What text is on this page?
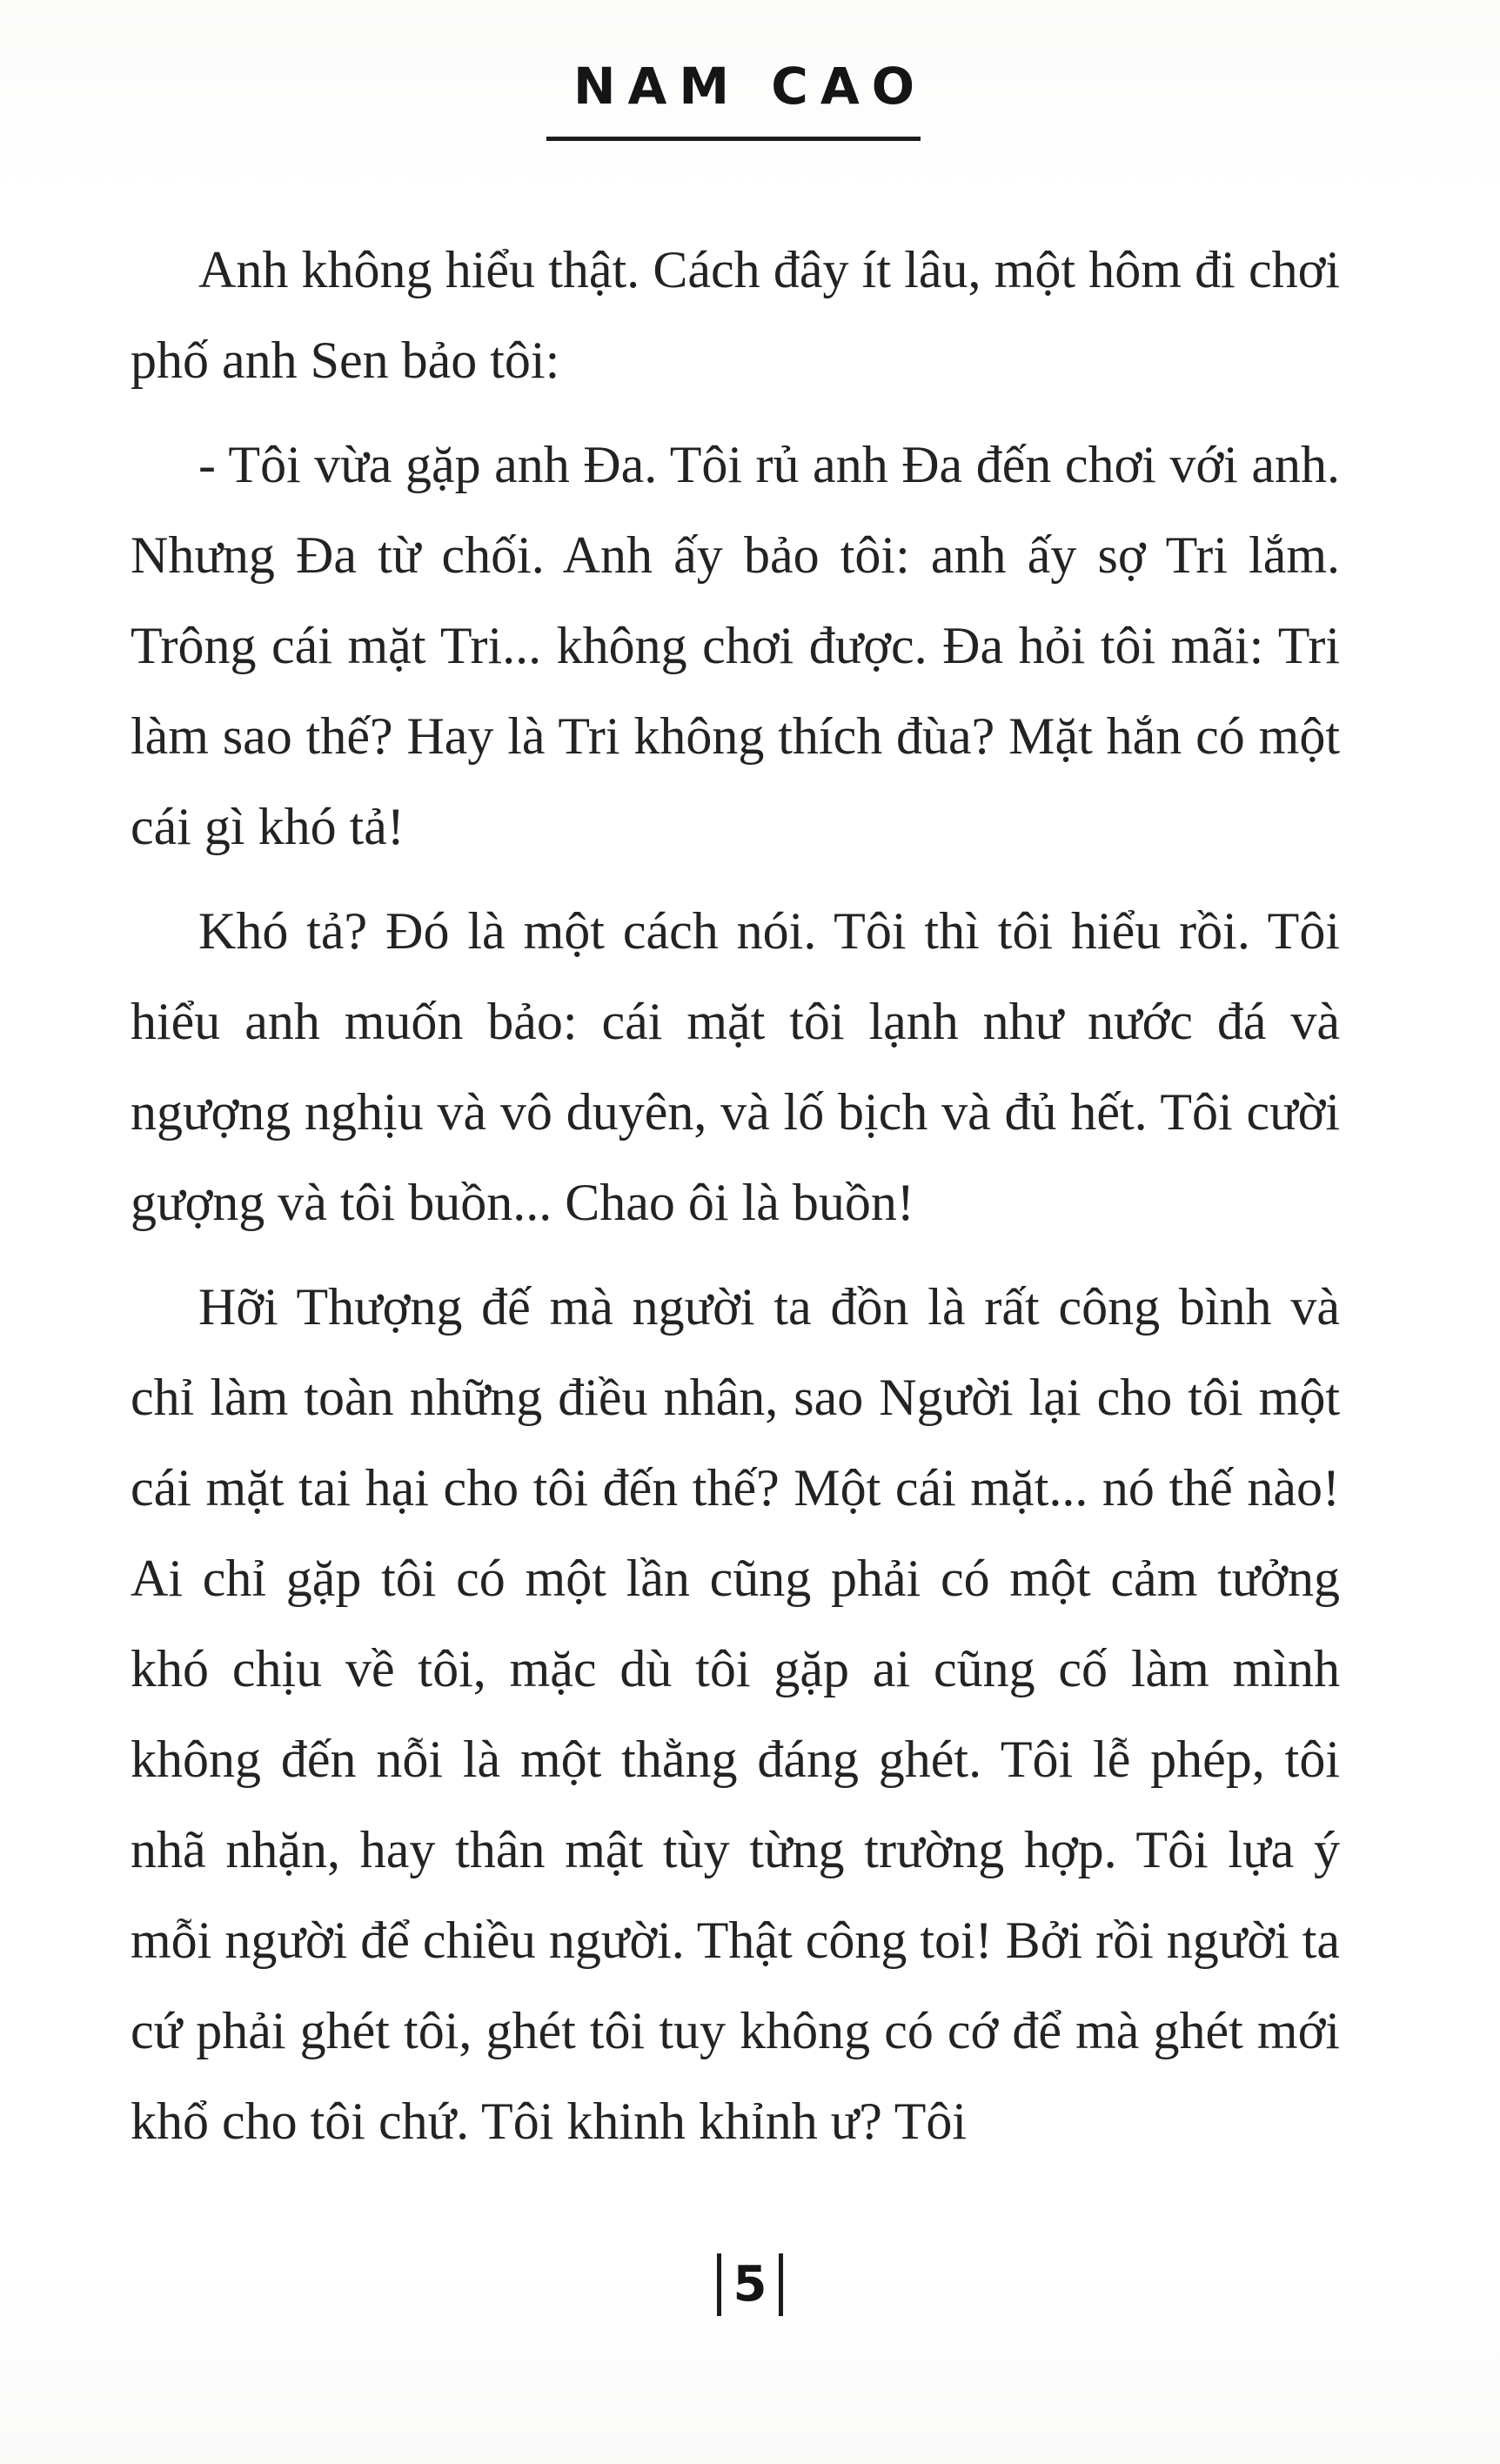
NAM CAO

Anh không hiểu thật. Cách đây ít lâu, một hôm đi chơi phố anh Sen bảo tôi:

- Tôi vừa gặp anh Đa. Tôi rủ anh Đa đến chơi với anh. Nhưng Đa từ chối. Anh ấy bảo tôi: anh ấy sợ Tri lắm. Trông cái mặt Tri... không chơi được. Đa hỏi tôi mãi: Tri làm sao thế? Hay là Tri không thích đùa? Mặt hắn có một cái gì khó tả!

Khó tả? Đó là một cách nói. Tôi thì tôi hiểu rồi. Tôi hiểu anh muốn bảo: cái mặt tôi lạnh như nước đá và ngượng nghịu và vô duyên, và lố bịch và đủ hết. Tôi cười gượng và tôi buồn... Chao ôi là buồn!

Hỡi Thượng đế mà người ta đồn là rất công bình và chỉ làm toàn những điều nhân, sao Người lại cho tôi một cái mặt tai hại cho tôi đến thế? Một cái mặt... nó thế nào! Ai chỉ gặp tôi có một lần cũng phải có một cảm tưởng khó chịu về tôi, mặc dù tôi gặp ai cũng cố làm mình không đến nỗi là một thằng đáng ghét. Tôi lễ phép, tôi nhã nhặn, hay thân mật tùy từng trường hợp. Tôi lựa ý mỗi người để chiều người. Thật công toi! Bởi rồi người ta cứ phải ghét tôi, ghét tôi tuy không có cớ để mà ghét mới khổ cho tôi chứ. Tôi khinh khỉnh ư? Tôi

5
